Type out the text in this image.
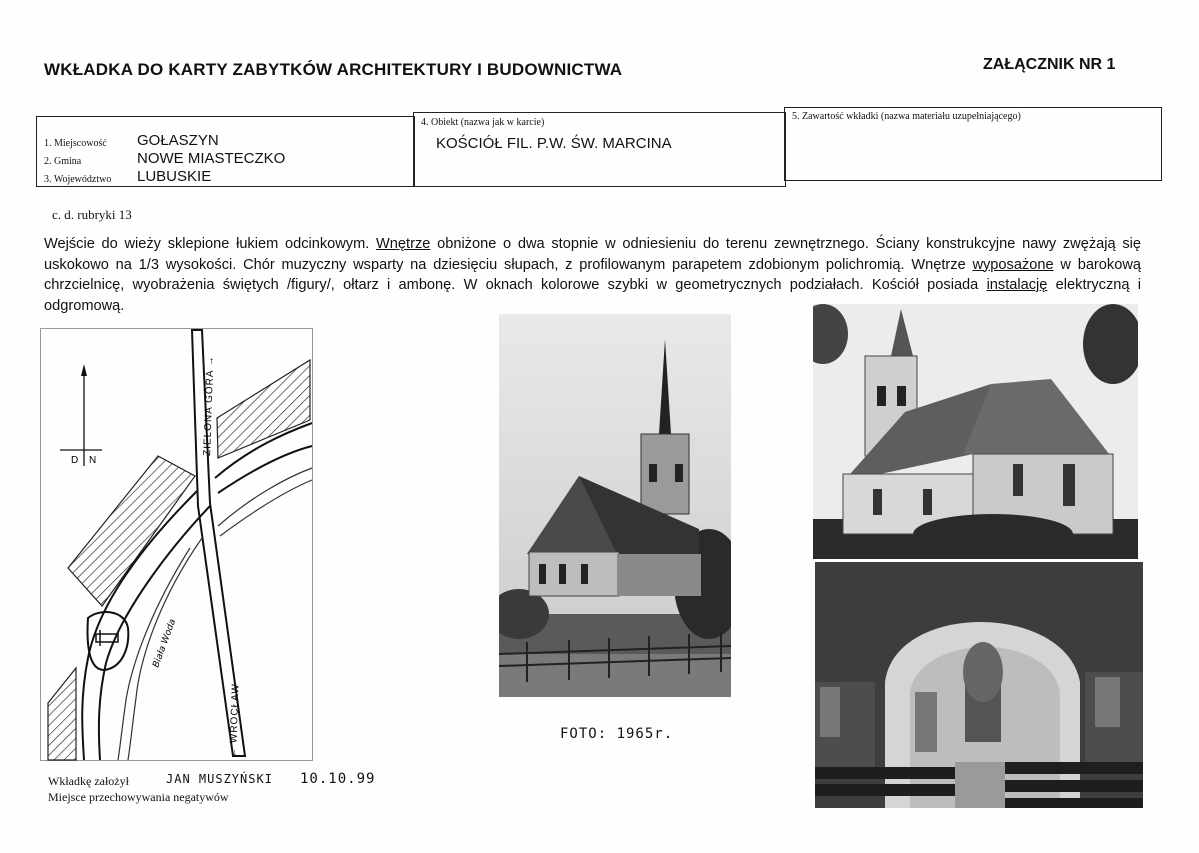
WKŁADKA DO KARTY ZABYTKÓW ARCHITEKTURY I BUDOWNICTWA	ZAŁĄCZNIK NR 1
1. Miejscowość GOŁASZYN
2. Gmina	NOWE MIASTECZKO
3. Województwo LUBUSKIE
4. Obiekt (nazwa jak w karcie)
KOŚCIÓŁ FIL. P.W. ŚW. MARCINA
5. Zawartość wkładki (nazwa materiału uzupełniającego)
c. d. rubryki 13
Wejście do wieży sklepione łukiem odcinkowym. Wnętrze obniżone o dwa stopnie w odniesieniu do terenu zewnętrznego. Ściany konstrukcyjne nawy zwężają się uskokowo na 1/3 wysokości. Chór muzyczny wsparty na dziesięciu słupach, z profilowanym parapetem zdobionym polichromią. Wnętrze wyposażone w barokową chrzcielnicę, wyobrażenia świętych /figury/, ołtarz i ambonę. W oknach kolorowe szybki w geometrycznych podziałach. Kościół posiada instalację elektryczną i odgromową.
D N
ZIELONA GÓRA →
← WROCŁAW
Biała Woda
FOTO: 1965r.
Wkładkę założył	JAN MUSZYŃSKI 10.10.99
Miejsce przechowywania negatywów
